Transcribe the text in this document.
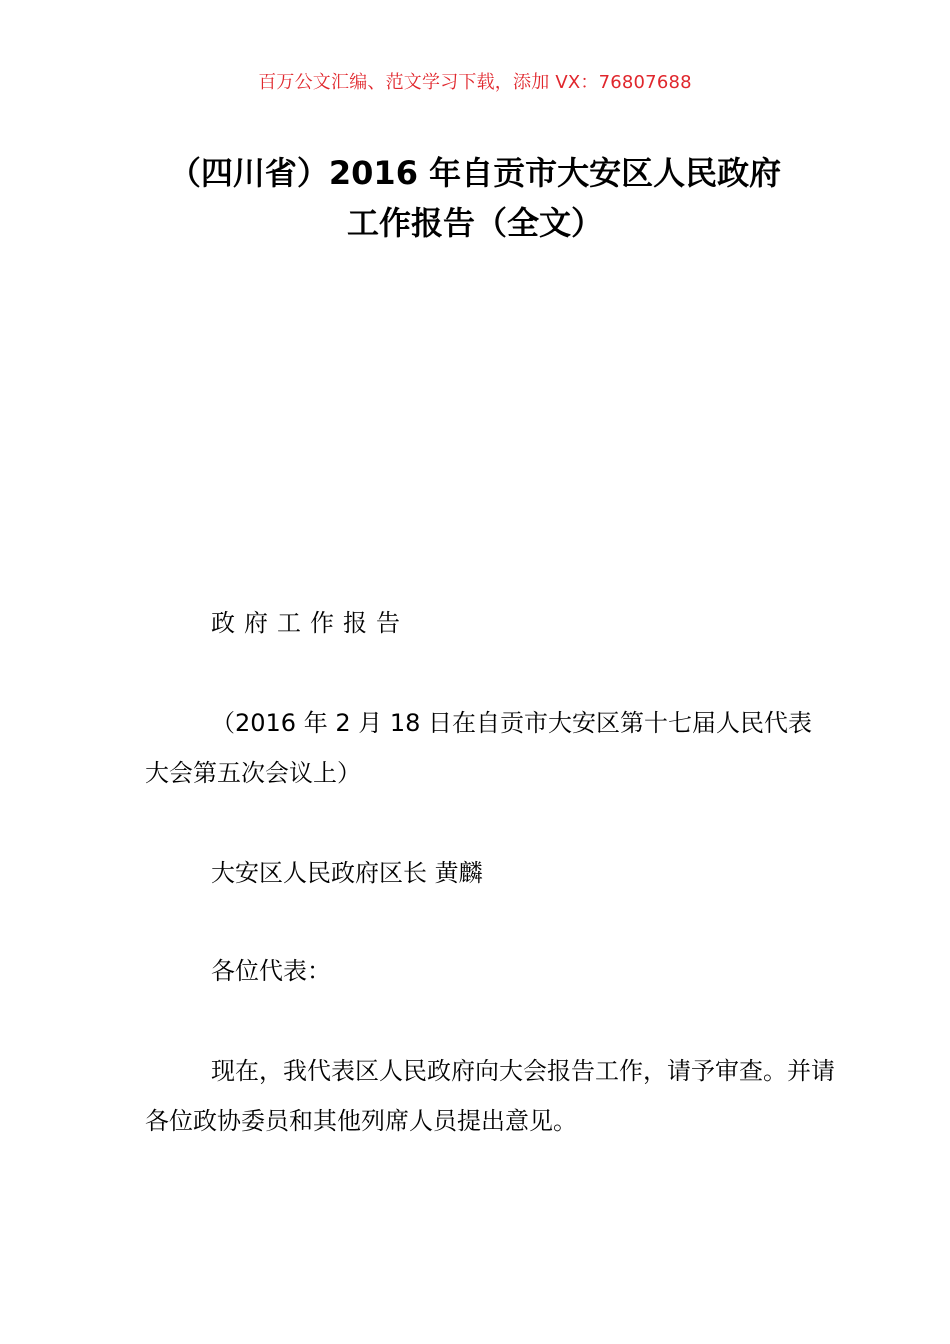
百万公文汇编、范文学习下载，添加 VX：76807688
（四川省）2016 年自贡市大安区人民政府
工作报告（全文）

政府工作报告

（2016 年 2 月 18 日在自贡市大安区第十七届人民代表大会第五次会议上）

大安区人民政府区长 黄麟

各位代表：

现在，我代表区人民政府向大会报告工作，请予审查。并请各位政协委员和其他列席人员提出意见。
